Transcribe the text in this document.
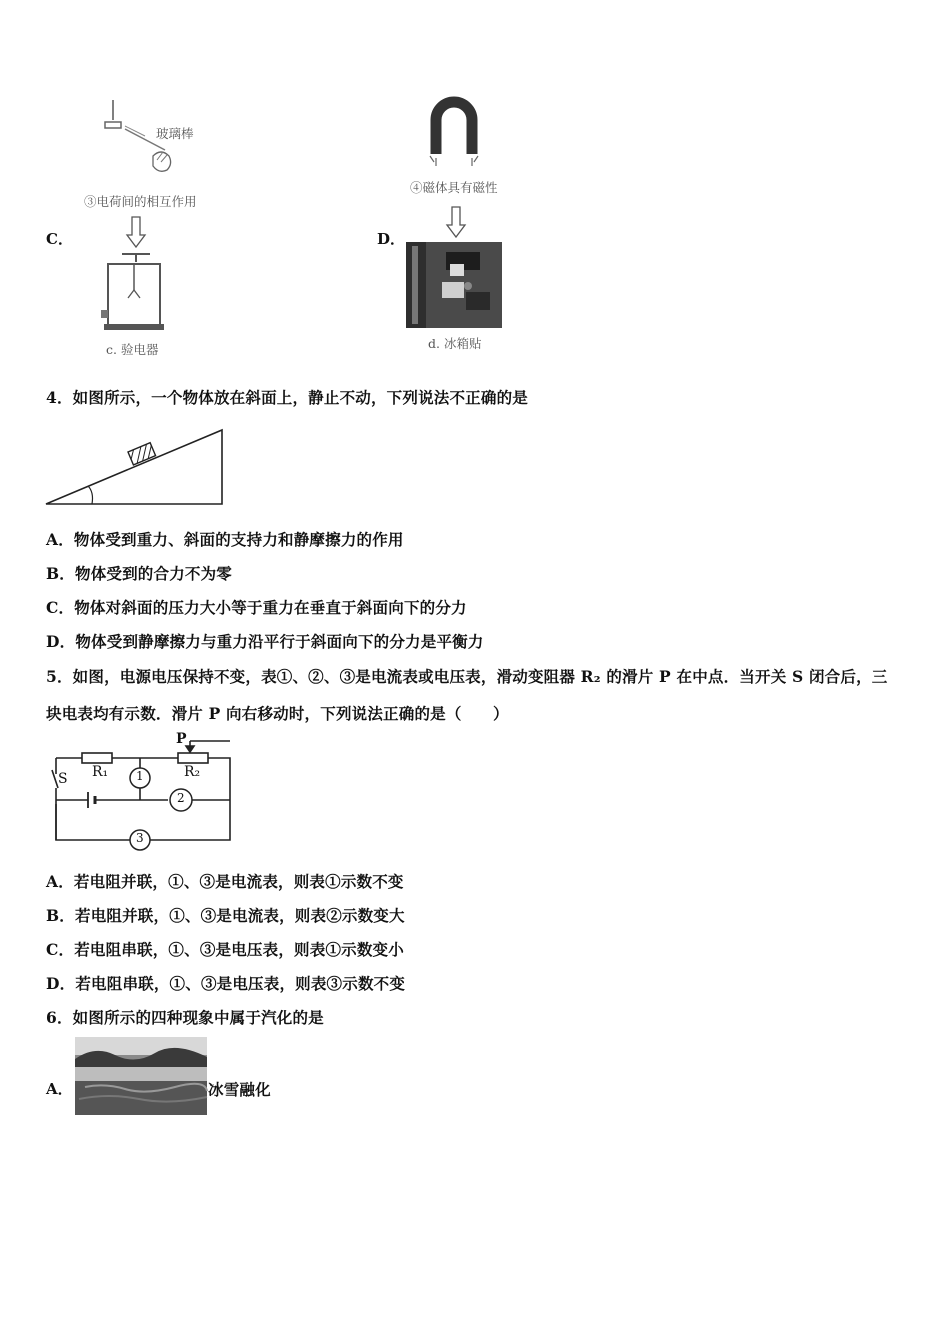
玻璃棒
③电荷间的相互作用
C．
c. 验电器
④磁体具有磁性
D．
d. 冰箱贴
4．如图所示，一个物体放在斜面上，静止不动，下列说法不正确的是
A．物体受到重力、斜面的支持力和静摩擦力的作用
B．物体受到的合力不为零
C．物体对斜面的压力大小等于重力在垂直于斜面向下的分力
D．物体受到静摩擦力与重力沿平行于斜面向下的分力是平衡力
5．如图，电源电压保持不变，表①、②、③是电流表或电压表，滑动变阻器 R₂ 的滑片 P 在中点．当开关 S 闭合后，三
块电表均有示数．滑片 P 向右移动时，下列说法正确的是（　　）
S R₁	R₂
P
1
2
3
A．若电阻并联，①、③是电流表，则表①示数不变
B．若电阻并联，①、③是电流表，则表②示数变大
C．若电阻串联，①、③是电压表，则表①示数变小
D．若电阻串联，①、③是电压表，则表③示数不变
6．如图所示的四种现象中属于汽化的是
A．	冰雪融化
